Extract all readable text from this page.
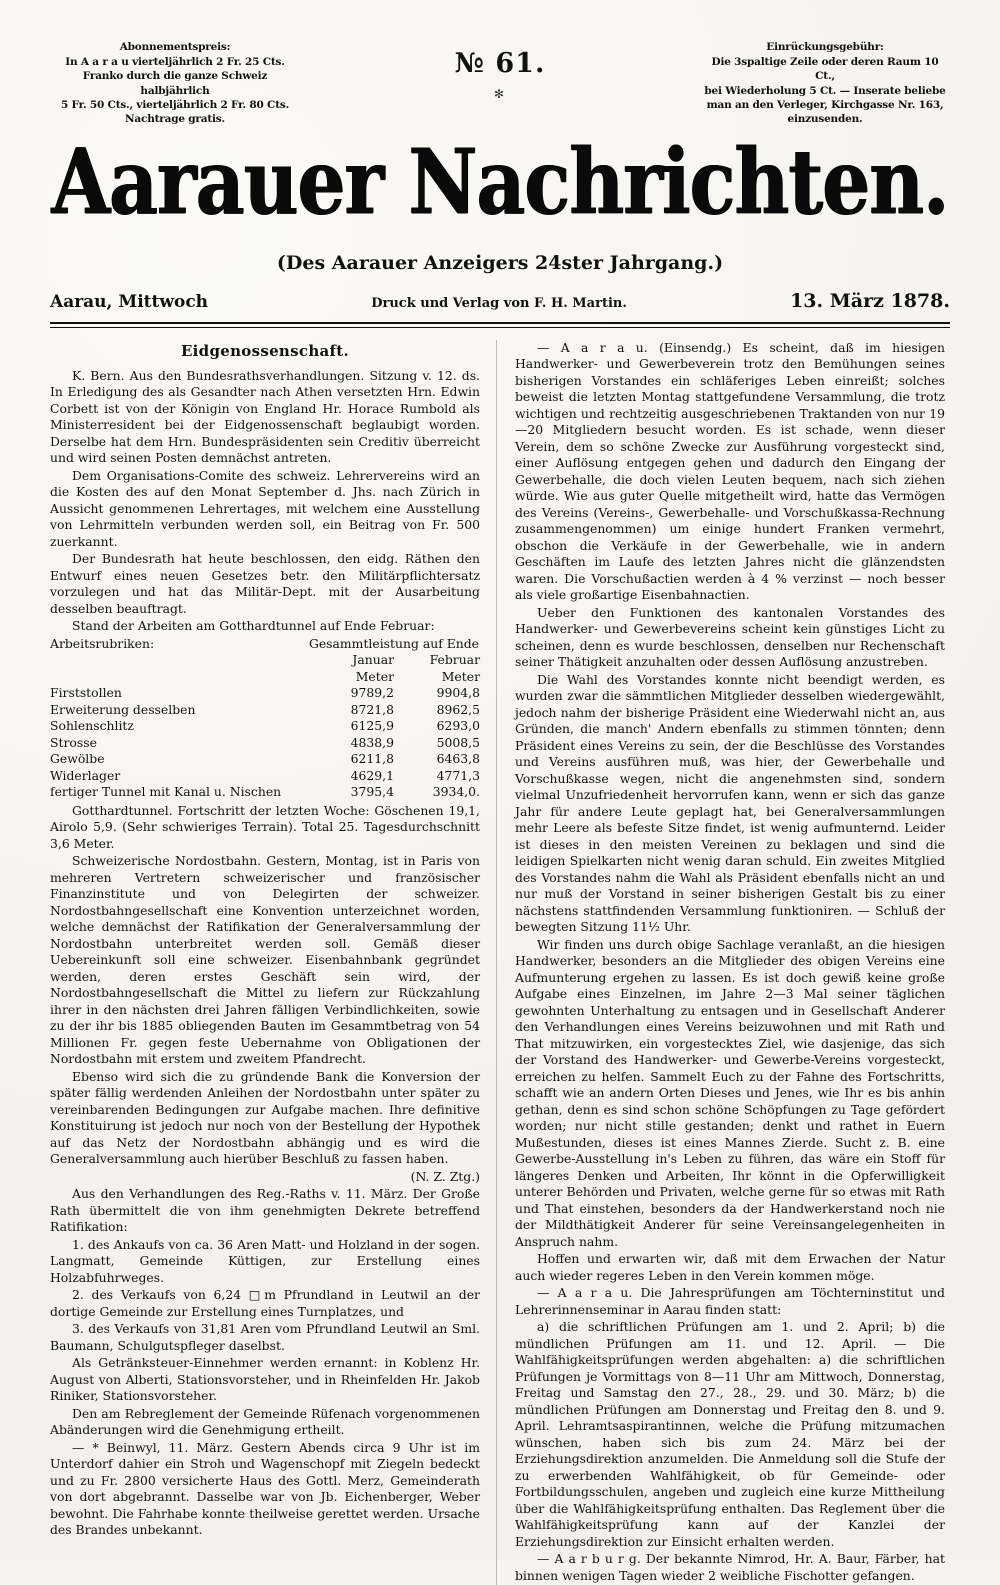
Abonnementspreis:
In A a r a u vierteljährlich 2 Fr. 25 Cts.
Franko durch die ganze Schweiz halbjährlich
5 Fr. 50 Cts., vierteljährlich 2 Fr. 80 Cts.
Nachtrage gratis.
№ 61.
✻
Einrückungsgebühr:
Die 3spaltige Zeile oder deren Raum 10 Ct.,
bei Wiederholung 5 Ct. — Inserate beliebe
man an den Verleger, Kirchgasse Nr. 163,
einzusenden.
Aarauer Nachrichten.
(Des Aarauer Anzeigers 24ster Jahrgang.)
Aarau, Mittwoch	Druck und Verlag von F. H. Martin.	13. März 1878.
Eidgenossenschaft.

K. Bern. Aus den Bundesrathsverhandlungen. Sitzung v. 12. ds. In Erledigung des als Gesandter nach Athen versetzten Hrn. Edwin Corbett ist von der Königin von England Hr. Horace Rumbold als Ministerresident bei der Eidgenossenschaft beglaubigt worden. Derselbe hat dem Hrn. Bundespräsidenten sein Creditiv überreicht und wird seinen Posten demnächst antreten.

Dem Organisations-Comite des schweiz. Lehrervereins wird an die Kosten des auf den Monat September d. Jhs. nach Zürich in Aussicht genommenen Lehrertages, mit welchem eine Ausstellung von Lehrmitteln verbunden werden soll, ein Beitrag von Fr. 500 zuerkannt.

Der Bundesrath hat heute beschlossen, den eidg. Räthen den Entwurf eines neuen Gesetzes betr. den Militärpflichtersatz vorzulegen und hat das Militär-Dept. mit der Ausarbeitung desselben beauftragt.

Stand der Arbeiten am Gotthardtunnel auf Ende Februar:

Arbeitsrubriken:	Gesammtleistung auf Ende	
	Januar	Februar
	Meter	Meter
Firststollen	9789,2	9904,8
Erweiterung desselben	8721,8	8962,5
Sohlenschlitz	6125,9	6293,0
Strosse	4838,9	5008,5
Gewölbe	6211,8	6463,8
Widerlager	4629,1	4771,3
fertiger Tunnel mit Kanal u. Nischen	3795,4	3934,0.

Gotthardtunnel. Fortschritt der letzten Woche: Göschenen 19,1, Airolo 5,9. (Sehr schwieriges Terrain). Total 25. Tagesdurchschnitt 3,6 Meter.

Schweizerische Nordostbahn. Gestern, Montag, ist in Paris von mehreren Vertretern schweizerischer und französischer Finanzinstitute und von Delegirten der schweizer. Nordostbahngesellschaft eine Konvention unterzeichnet worden, welche demnächst der Ratifikation der Generalversammlung der Nordostbahn unterbreitet werden soll. Gemäß dieser Uebereinkunft soll eine schweizer. Eisenbahnbank gegründet werden, deren erstes Geschäft sein wird, der Nordostbahngesellschaft die Mittel zu liefern zur Rückzahlung ihrer in den nächsten drei Jahren fälligen Verbindlichkeiten, sowie zu der ihr bis 1885 obliegenden Bauten im Gesammtbetrag von 54 Millionen Fr. gegen feste Uebernahme von Obligationen der Nordostbahn mit erstem und zweitem Pfandrecht.

Ebenso wird sich die zu gründende Bank die Konversion der später fällig werdenden Anleihen der Nordostbahn unter später zu vereinbarenden Bedingungen zur Aufgabe machen. Ihre definitive Konstituirung ist jedoch nur noch von der Bestellung der Hypothek auf das Netz der Nordostbahn abhängig und es wird die Generalversammlung auch hierüber Beschluß zu fassen haben.

(N. Z. Ztg.)

Aus den Verhandlungen des Reg.-Raths v. 11. März. Der Große Rath übermittelt die von ihm genehmigten Dekrete betreffend Ratifikation:

1. des Ankaufs von ca. 36 Aren Matt- und Holzland in der sogen. Langmatt, Gemeinde Küttigen, zur Erstellung eines Holzabfuhrweges.

2. des Verkaufs von 6,24 □m Pfrundland in Leutwil an der dortige Gemeinde zur Erstellung eines Turnplatzes, und

3. des Verkaufs von 31,81 Aren vom Pfrundland Leutwil an Sml. Baumann, Schulgutspfleger daselbst.

Als Getränksteuer-Einnehmer werden ernannt: in Koblenz Hr. August von Alberti, Stationsvorsteher, und in Rheinfelden Hr. Jakob Riniker, Stationsvorsteher.

Den am Rebreglement der Gemeinde Rüfenach vorgenommenen Abänderungen wird die Genehmigung ertheilt.

— * Beinwyl, 11. März. Gestern Abends circa 9 Uhr ist im Unterdorf dahier ein Stroh und Wagenschopf mit Ziegeln bedeckt und zu Fr. 2800 versicherte Haus des Gottl. Merz, Gemeinderath von dort abgebrannt. Dasselbe war von Jb. Eichenberger, Weber bewohnt. Die Fahrhabe konnte theilweise gerettet werden. Ursache des Brandes unbekannt.

— A a r a u. (Einsendg.) Es scheint, daß im hiesigen Handwerker- und Gewerbeverein trotz den Bemühungen seines bisherigen Vorstandes ein schläferiges Leben einreißt; solches beweist die letzten Montag stattgefundene Versammlung, die trotz wichtigen und rechtzeitig ausgeschriebenen Traktanden von nur 19—20 Mitgliedern besucht worden. Es ist schade, wenn dieser Verein, dem so schöne Zwecke zur Ausführung vorgesteckt sind, einer Auflösung entgegen gehen und dadurch den Eingang der Gewerbehalle, die doch vielen Leuten bequem, nach sich ziehen würde. Wie aus guter Quelle mitgetheilt wird, hatte das Vermögen des Vereins (Vereins-, Gewerbehalle- und Vorschußkassa-Rechnung zusammengenommen) um einige hundert Franken vermehrt, obschon die Verkäufe in der Gewerbehalle, wie in andern Geschäften im Laufe des letzten Jahres nicht die glänzendsten waren. Die Vorschußactien werden à 4 % verzinst — noch besser als viele großartige Eisenbahnactien.

Ueber den Funktionen des kantonalen Vorstandes des Handwerker- und Gewerbevereins scheint kein günstiges Licht zu scheinen, denn es wurde beschlossen, denselben nur Rechenschaft seiner Thätigkeit anzuhalten oder dessen Auflösung anzustreben.

Die Wahl des Vorstandes konnte nicht beendigt werden, es wurden zwar die sämmtlichen Mitglieder desselben wiedergewählt, jedoch nahm der bisherige Präsident eine Wiederwahl nicht an, aus Gründen, die manch' Andern ebenfalls zu stimmen tönnten; denn Präsident eines Vereins zu sein, der die Beschlüsse des Vorstandes und Vereins ausführen muß, was hier, der Gewerbehalle und Vorschußkasse wegen, nicht die angenehmsten sind, sondern vielmal Unzufriedenheit hervorrufen kann, wenn er sich das ganze Jahr für andere Leute geplagt hat, bei Generalversammlungen mehr Leere als befeste Sitze findet, ist wenig aufmunternd. Leider ist dieses in den meisten Vereinen zu beklagen und sind die leidigen Spielkarten nicht wenig daran schuld. Ein zweites Mitglied des Vorstandes nahm die Wahl als Präsident ebenfalls nicht an und nur muß der Vorstand in seiner bisherigen Gestalt bis zu einer nächstens stattfindenden Versammlung funktioniren. — Schluß der bewegten Sitzung 11½ Uhr.

Wir finden uns durch obige Sachlage veranlaßt, an die hiesigen Handwerker, besonders an die Mitglieder des obigen Vereins eine Aufmunterung ergehen zu lassen. Es ist doch gewiß keine große Aufgabe eines Einzelnen, im Jahre 2—3 Mal seiner täglichen gewohnten Unterhaltung zu entsagen und in Gesellschaft Anderer den Verhandlungen eines Vereins beizuwohnen und mit Rath und That mitzuwirken, ein vorgestecktes Ziel, wie dasjenige, das sich der Vorstand des Handwerker- und Gewerbe-Vereins vorgesteckt, erreichen zu helfen. Sammelt Euch zu der Fahne des Fortschritts, schafft wie an andern Orten Dieses und Jenes, wie Ihr es bis anhin gethan, denn es sind schon schöne Schöpfungen zu Tage gefördert worden; nur nicht stille gestanden; denkt und rathet in Euern Mußestunden, dieses ist eines Mannes Zierde. Sucht z. B. eine Gewerbe-Ausstellung in's Leben zu führen, das wäre ein Stoff für längeres Denken und Arbeiten, Ihr könnt in die Opferwilligkeit unterer Behörden und Privaten, welche gerne für so etwas mit Rath und That einstehen, besonders da der Handwerkerstand noch nie der Mildthätigkeit Anderer für seine Vereinsangelegenheiten in Anspruch nahm.

Hoffen und erwarten wir, daß mit dem Erwachen der Natur auch wieder regeres Leben in den Verein kommen möge.

— A a r a u. Die Jahresprüfungen am Töchterninstitut und Lehrerinnenseminar in Aarau finden statt:

a) die schriftlichen Prüfungen am 1. und 2. April; b) die mündlichen Prüfungen am 11. und 12. April. — Die Wahlfähigkeitsprüfungen werden abgehalten: a) die schriftlichen Prüfungen je Vormittags von 8—11 Uhr am Mittwoch, Donnerstag, Freitag und Samstag den 27., 28., 29. und 30. März; b) die mündlichen Prüfungen am Donnerstag und Freitag den 8. und 9. April. Lehramtsaspirantinnen, welche die Prüfung mitzumachen wünschen, haben sich bis zum 24. März bei der Erziehungsdirektion anzumelden. Die Anmeldung soll die Stufe der zu erwerbenden Wahlfähigkeit, ob für Gemeinde- oder Fortbildungsschulen, angeben und zugleich eine kurze Mittheilung über die Wahlfähigkeitsprüfung enthalten. Das Reglement über die Wahlfähigkeitsprüfung kann auf der Kanzlei der Erziehungsdirektion zur Einsicht erhalten werden.

— A a r b u r g. Der bekannte Nimrod, Hr. A. Baur, Färber, hat binnen wenigen Tagen wieder 2 weibliche Fischotter gefangen.
